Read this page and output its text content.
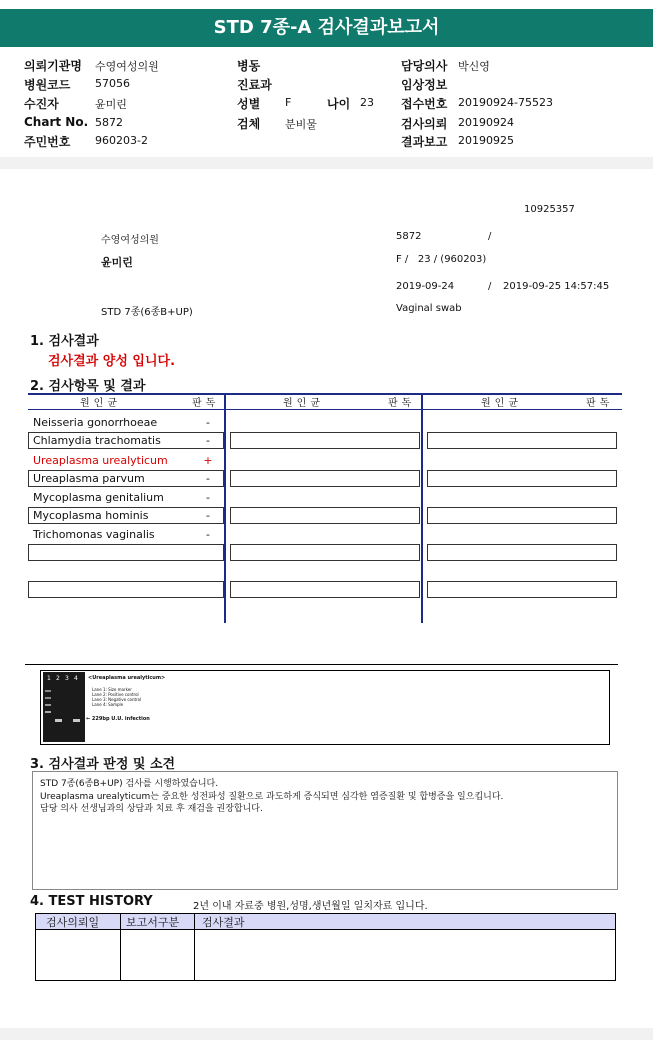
STD 7종-A 검사결과보고서
의뢰기관명 수영여성의원
병원코드 57056
수진자	윤미린
Chart No. 5872
주민번호 960203-2
병동
진료과
성별 F	나이 23
검체 분비물
담당의사 박신영
임상정보
접수번호 20190924-75523
검사의뢰 20190924
결과보고 20190925
10925357
수영여성의원	5872	/
윤미린	F /   23 / (960203)
2019-09-24	/ 2019-09-25 14:57:45
STD 7종(6종B+UP)	Vaginal swab
1. 검사결과
검사결과 양성 입니다.
2. 검사항목 및 결과
원인균	판독	원인균	판독	원인균	판독
Neisseria gonorrhoeae	-
Chlamydia trachomatis	-
Ureaplasma urealyticum	+
Ureaplasma parvum	-
Mycoplasma genitalium	-
Mycoplasma hominis	-
Trichomonas vaginalis	-
1 2 3 4 <Ureaplasma urealyticum>
Lane 1: Size marker
Lane 2: Positive control
Lane 3: Negative control
Lane 4: Sample
← 229bp U.U. infection
3. 검사결과 판정 및 소견
STD 7종(6종B+UP) 검사를 시행하였습니다.
Ureaplasma urealyticum는 중요한 성전파성 질환으로 과도하게 증식되면 심각한 염증질환 및 합병증을 일으킵니다.
담당 의사 선생님과의 상담과 치료 후 재검을 권장합니다.
4. TEST HISTORY	2년 이내 자료중 병원,성명,생년월일 일치자료 입니다.
검사의뢰일 보고서구분 검사결과
